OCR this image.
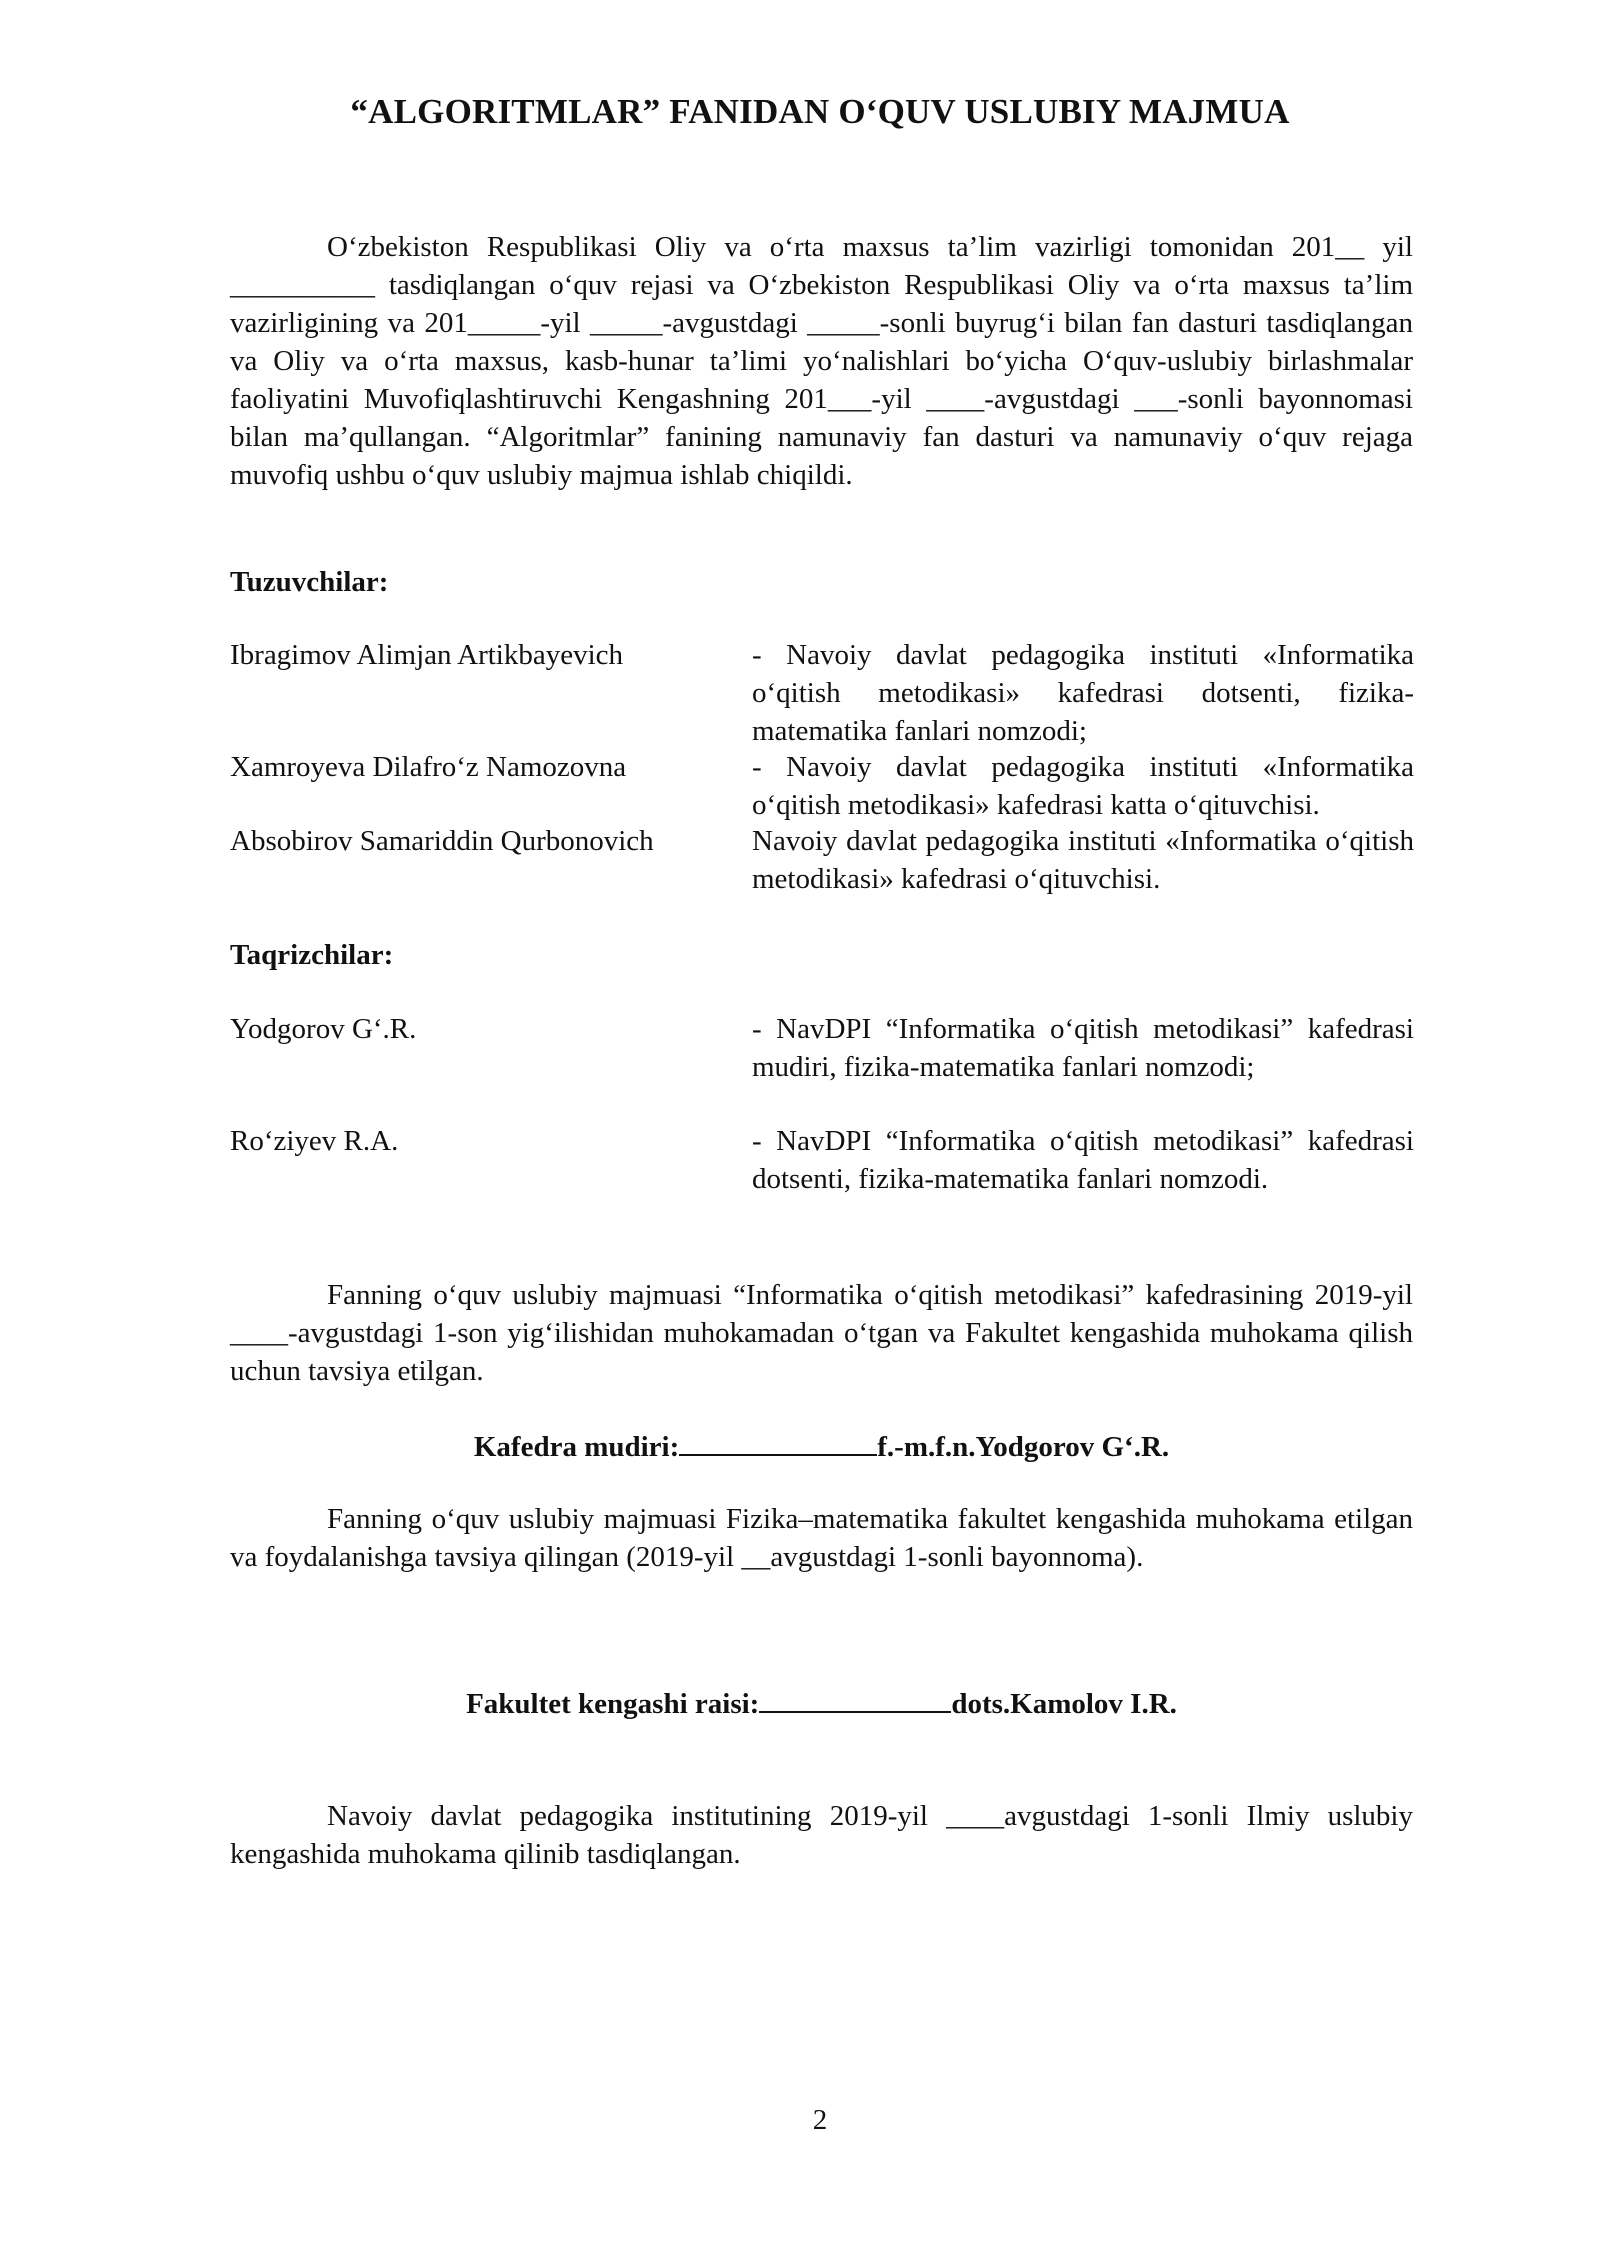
“ALGORITMLAR” FANIDAN O‘QUV USLUBIY MAJMUA

O‘zbekiston Respublikasi Oliy va o‘rta maxsus ta’lim vazirligi tomonidan 201__ yil __________ tasdiqlangan o‘quv rejasi va O‘zbekiston Respublikasi Oliy va o‘rta maxsus ta’lim vazirligining va 201_____-yil _____-avgustdagi _____-sonli buyrug‘i bilan fan dasturi tasdiqlangan va Oliy va o‘rta maxsus, kasb-hunar ta’limi yo‘nalishlari bo‘yicha O‘quv-uslubiy birlashmalar faoliyatini Muvofiqlashtiruvchi Kengashning 201___-yil ____-avgustdagi ___-sonli bayonnomasi bilan ma’qullangan. “Algoritmlar” fanining namunaviy fan dasturi va namunaviy o‘quv rejaga muvofiq ushbu o‘quv uslubiy majmua ishlab chiqildi.

Tuzuvchilar:
Ibragimov Alimjan Artikbayevich	- Navoiy davlat pedagogika instituti «Informatika o‘qitish metodikasi» kafedrasi dotsenti, fizika-matematika fanlari nomzodi;
Xamroyeva Dilafro‘z Namozovna	- Navoiy davlat pedagogika instituti «Informatika o‘qitish metodikasi» kafedrasi katta o‘qituvchisi.
Absobirov Samariddin Qurbonovich	Navoiy davlat pedagogika instituti «Informatika o‘qitish metodikasi» kafedrasi o‘qituvchisi.
Taqrizchilar:
Yodgorov G‘.R.	- NavDPI “Informatika o‘qitish metodikasi” kafedrasi mudiri, fizika-matematika fanlari nomzodi;
Ro‘ziyev R.A.	- NavDPI “Informatika o‘qitish metodikasi” kafedrasi dotsenti, fizika-matematika fanlari nomzodi.

Fanning o‘quv uslubiy majmuasi “Informatika o‘qitish metodikasi” kafedrasining 2019-yil ____-avgustdagi 1-son yig‘ilishidan muhokamadan o‘tgan va Fakultet kengashida muhokama qilish uchun tavsiya etilgan.

Kafedra mudiri:	f.-m.f.n.Yodgorov G‘.R.

Fanning o‘quv uslubiy majmuasi Fizika–matematika fakultet kengashida muhokama etilgan va foydalanishga tavsiya qilingan (2019-yil __avgustdagi 1-sonli bayonnoma).

Fakultet kengashi raisi:	dots.Kamolov I.R.

Navoiy davlat pedagogika institutining 2019-yil ____avgustdagi 1-sonli Ilmiy uslubiy kengashida muhokama qilinib tasdiqlangan.

2
